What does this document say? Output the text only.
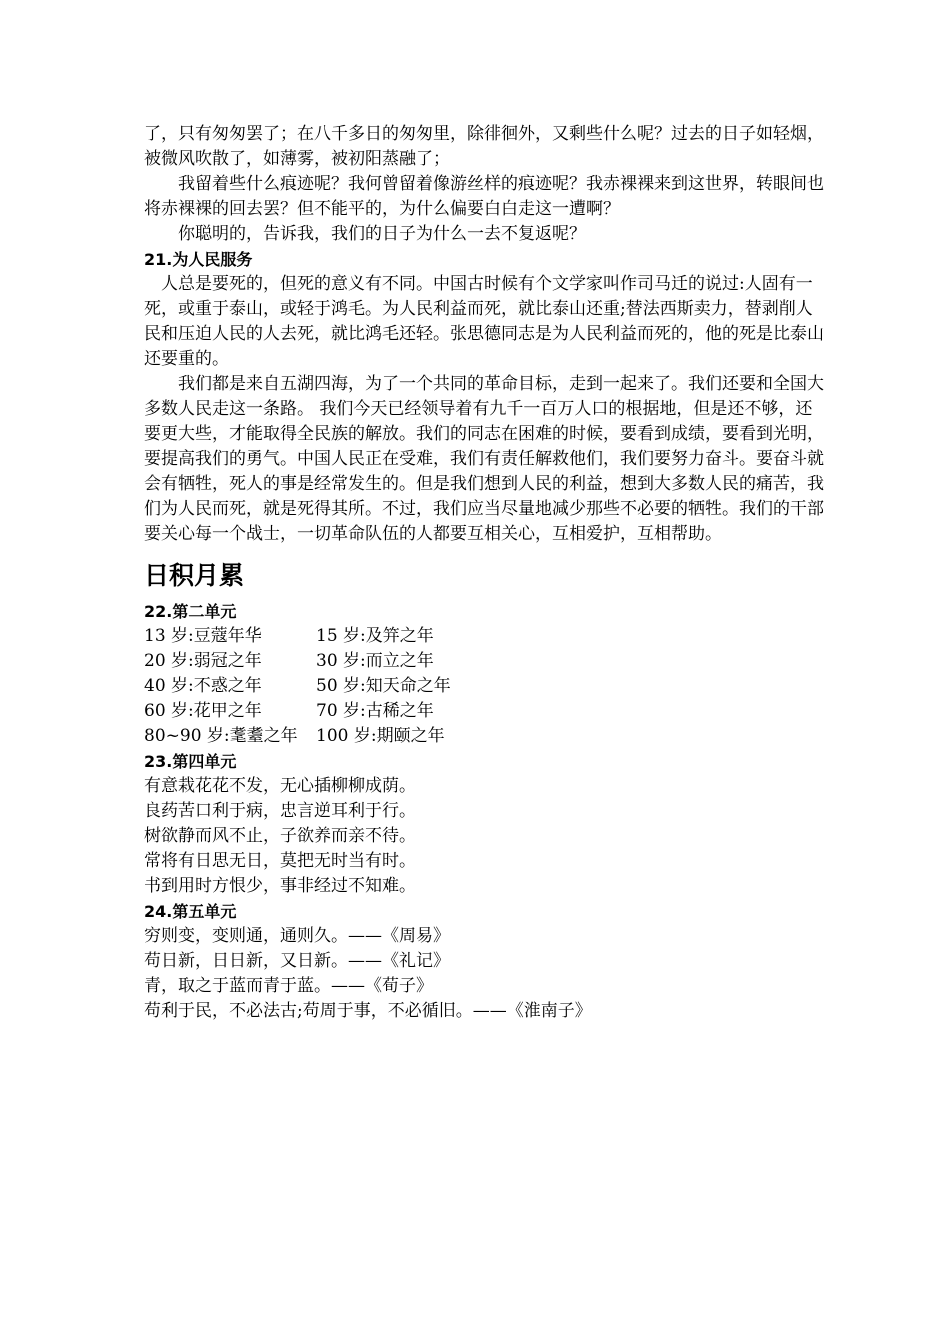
了，只有匆匆罢了；在八千多日的匆匆里，除徘徊外，又剩些什么呢？过去的日子如轻烟，被微风吹散了，如薄雾，被初阳蒸融了；

我留着些什么痕迹呢？我何曾留着像游丝样的痕迹呢？我赤裸裸来到这世界，转眼间也将赤裸裸的回去罢？但不能平的，为什么偏要白白走这一遭啊？

你聪明的，告诉我，我们的日子为什么一去不复返呢？

21.为人民服务

人总是要死的，但死的意义有不同。中国古时候有个文学家叫作司马迁的说过:人固有一死，或重于泰山，或轻于鸿毛。为人民利益而死，就比泰山还重;替法西斯卖力，替剥削人民和压迫人民的人去死，就比鸿毛还轻。张思德同志是为人民利益而死的，他的死是比泰山还要重的。

我们都是来自五湖四海，为了一个共同的革命目标，走到一起来了。我们还要和全国大多数人民走这一条路。 我们今天已经领导着有九千一百万人口的根据地，但是还不够，还要更大些，才能取得全民族的解放。我们的同志在困难的时候，要看到成绩，要看到光明，要提高我们的勇气。中国人民正在受难，我们有责任解救他们，我们要努力奋斗。要奋斗就会有牺牲，死人的事是经常发生的。但是我们想到人民的利益，想到大多数人民的痛苦，我们为人民而死，就是死得其所。不过，我们应当尽量地减少那些不必要的牺牲。我们的干部要关心每一个战士，一切革命队伍的人都要互相关心，互相爱护，互相帮助。

日积月累

22.第二单元

13 岁:豆蔻年华	15 岁:及笄之年
20 岁:弱冠之年	30 岁:而立之年
40 岁:不惑之年	50 岁:知天命之年
60 岁:花甲之年	70 岁:古稀之年
80~90 岁:耄耋之年	100 岁:期颐之年

23.第四单元

有意栽花花不发，无心插柳柳成荫。

良药苦口利于病，忠言逆耳利于行。

树欲静而风不止，子欲养而亲不待。

常将有日思无日，莫把无时当有时。

书到用时方恨少，事非经过不知难。

24.第五单元

穷则变，变则通，通则久。——《周易》

苟日新，日日新，又日新。——《礼记》

青，取之于蓝而青于蓝。——《荀子》

苟利于民，不必法古;苟周于事，不必循旧。——《淮南子》
